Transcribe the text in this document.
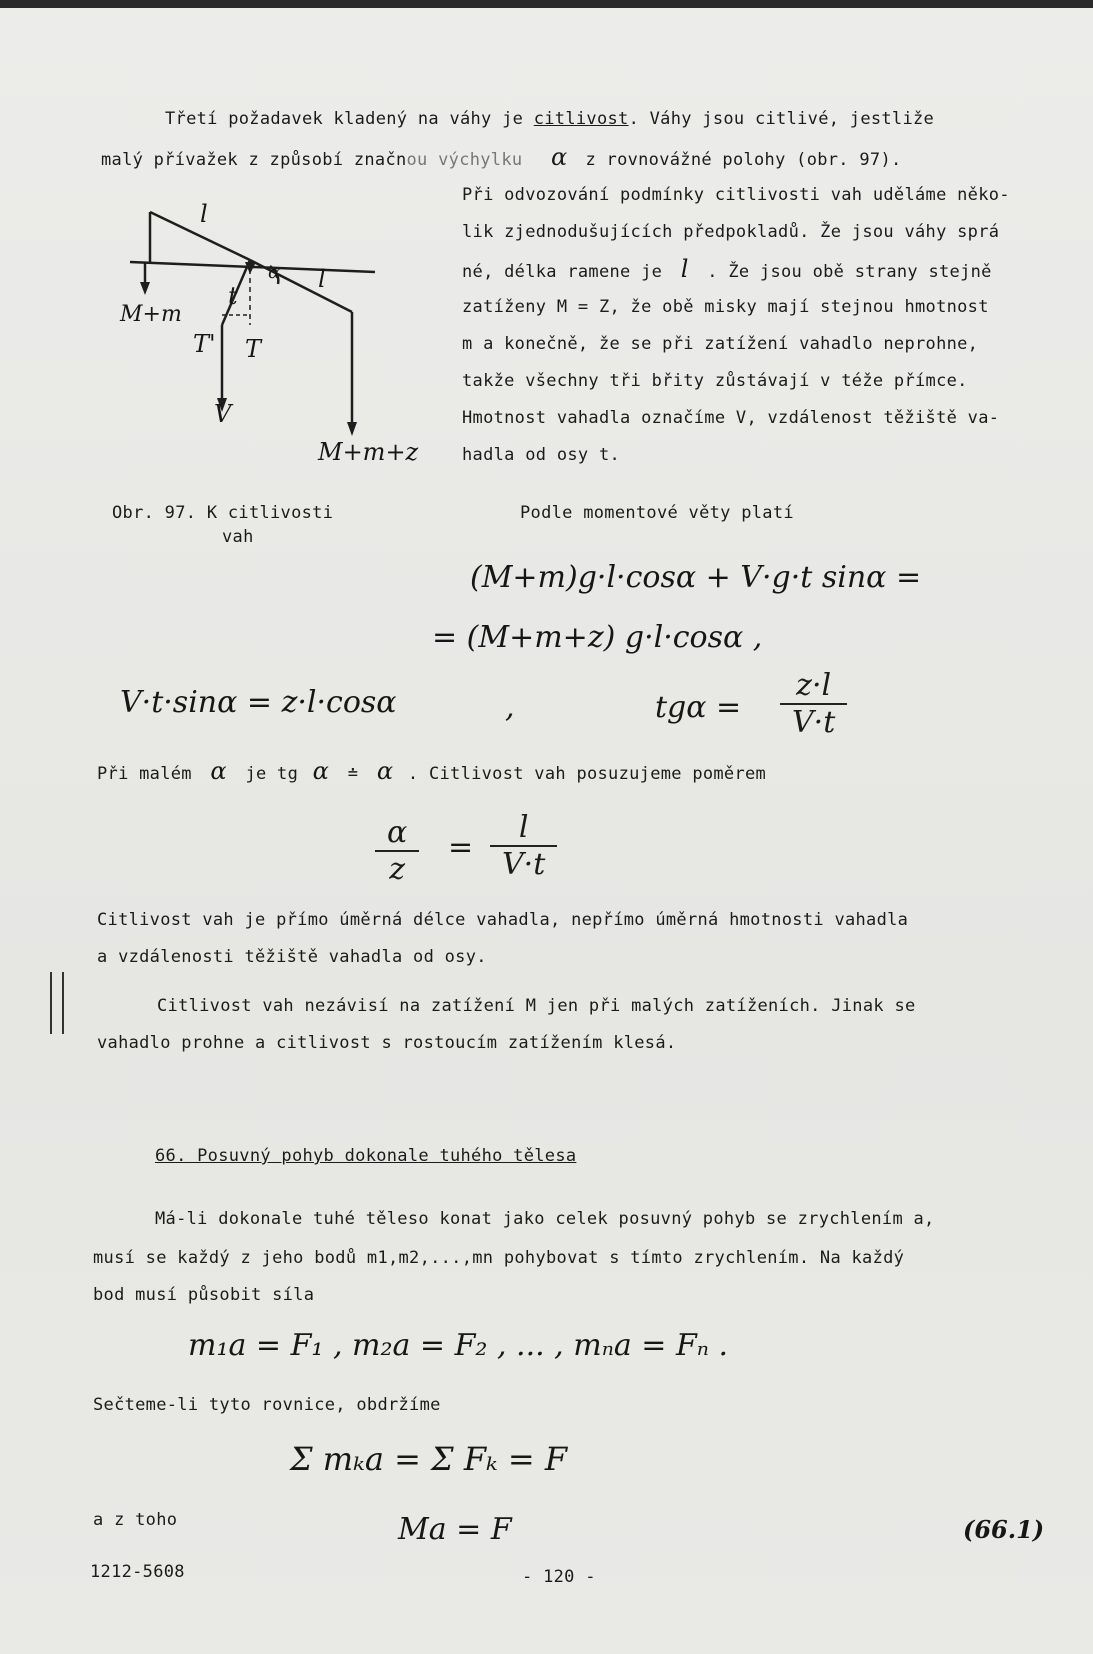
Třetí požadavek kladený na váhy je citlivost. Váhy jsou citlivé, jestliže
malý přívažek z způsobí značnou výchylku α z rovnovážné polohy (obr. 97).
Při odvozování podmínky citlivosti vah uděláme něko-
lik zjednodušujících předpokladů. Že jsou váhy sprá
né, délka ramene je l . Že jsou obě strany stejně
zatíženy M = Z, že obě misky mají stejnou hmotnost
m a konečně, že se při zatížení vahadlo neprohne,
takže všechny tři břity zůstávají v téže přímce.
Hmotnost vahadla označíme V, vzdálenost těžiště va-
hadla od osy t.
l
l
t
α
M+m
T' T
V
M+m+z
Obr. 97. K citlivosti
vah
Podle momentové věty platí
(M+m)g·l·cosα + V·g·t sinα =
= (M+m+z) g·l·cosα ,
V·t·sinα = z·l·cosα	,	$tg\alpha = \frac{z\cdot l}{V\cdot t}$
Při malém α je tg α ≐ α . Citlivost vah posuzujeme poměrem
$\frac{\alpha}{z} = \frac{l}{V\cdot t}$
Citlivost vah je přímo úměrná délce vahadla, nepřímo úměrná hmotnosti vahadla
a vzdálenosti těžiště vahadla od osy.
Citlivost vah nezávisí na zatížení M jen při malých zatíženích. Jinak se
vahadlo prohne a citlivost s rostoucím zatížením klesá.
66. Posuvný pohyb dokonale tuhého tělesa
Má-li dokonale tuhé těleso konat jako celek posuvný pohyb se zrychlením a,
musí se každý z jeho bodů m1,m2,...,mn pohybovat s tímto zrychlením. Na každý
bod musí působit síla
m₁a = F₁ , m₂a = F₂ , ... , mₙa = Fₙ .
Sečteme-li tyto rovnice, obdržíme
Σ mₖa = Σ Fₖ = F
a z toho	Ma = F	(66.1)
1212-5608	- 120 -
